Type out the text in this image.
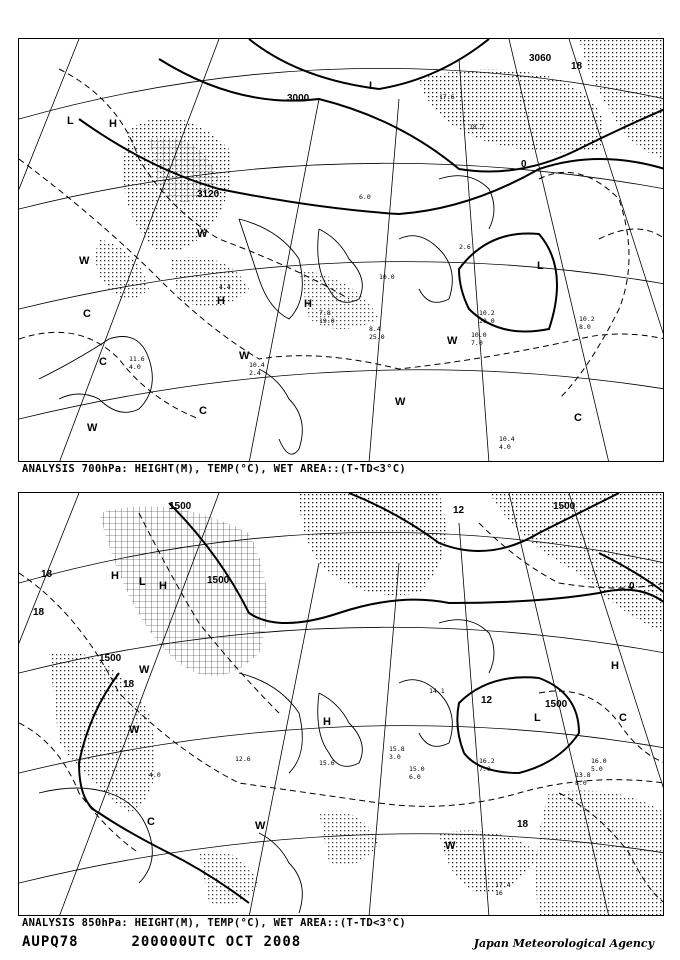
11.6
4.0	10.4
2.4
8.4
25.0	10.0
7.0
10.2
20.0
10.4
4.0
10.2
8.0
7.8
19.0
6.0
4.4
17.6
18.7
2.6
10.0
L	H
L
H
W
C
W
H
C
W
W
C
C
W
L
W
3000
3120
3060
0
18
ANALYSIS 700hPa: HEIGHT(M), TEMP(°C), WET AREA::(T-TD<3°C)
16.2
7.0
15.0
6.0
17.4
16
16.0
5.0
13.8
8.0
15.8
3.0
4.0
12.6	15.6
14.1
H L H
W
H
H
L	C
W
W
C
W
1500
1500
1500
1500
1500
18
18
18
18
12
12
0
ANALYSIS 850hPa: HEIGHT(M), TEMP(°C), WET AREA::(T-TD<3°C)
AUPQ78	200000UTC OCT 2008	Japan Meteorological Agency
